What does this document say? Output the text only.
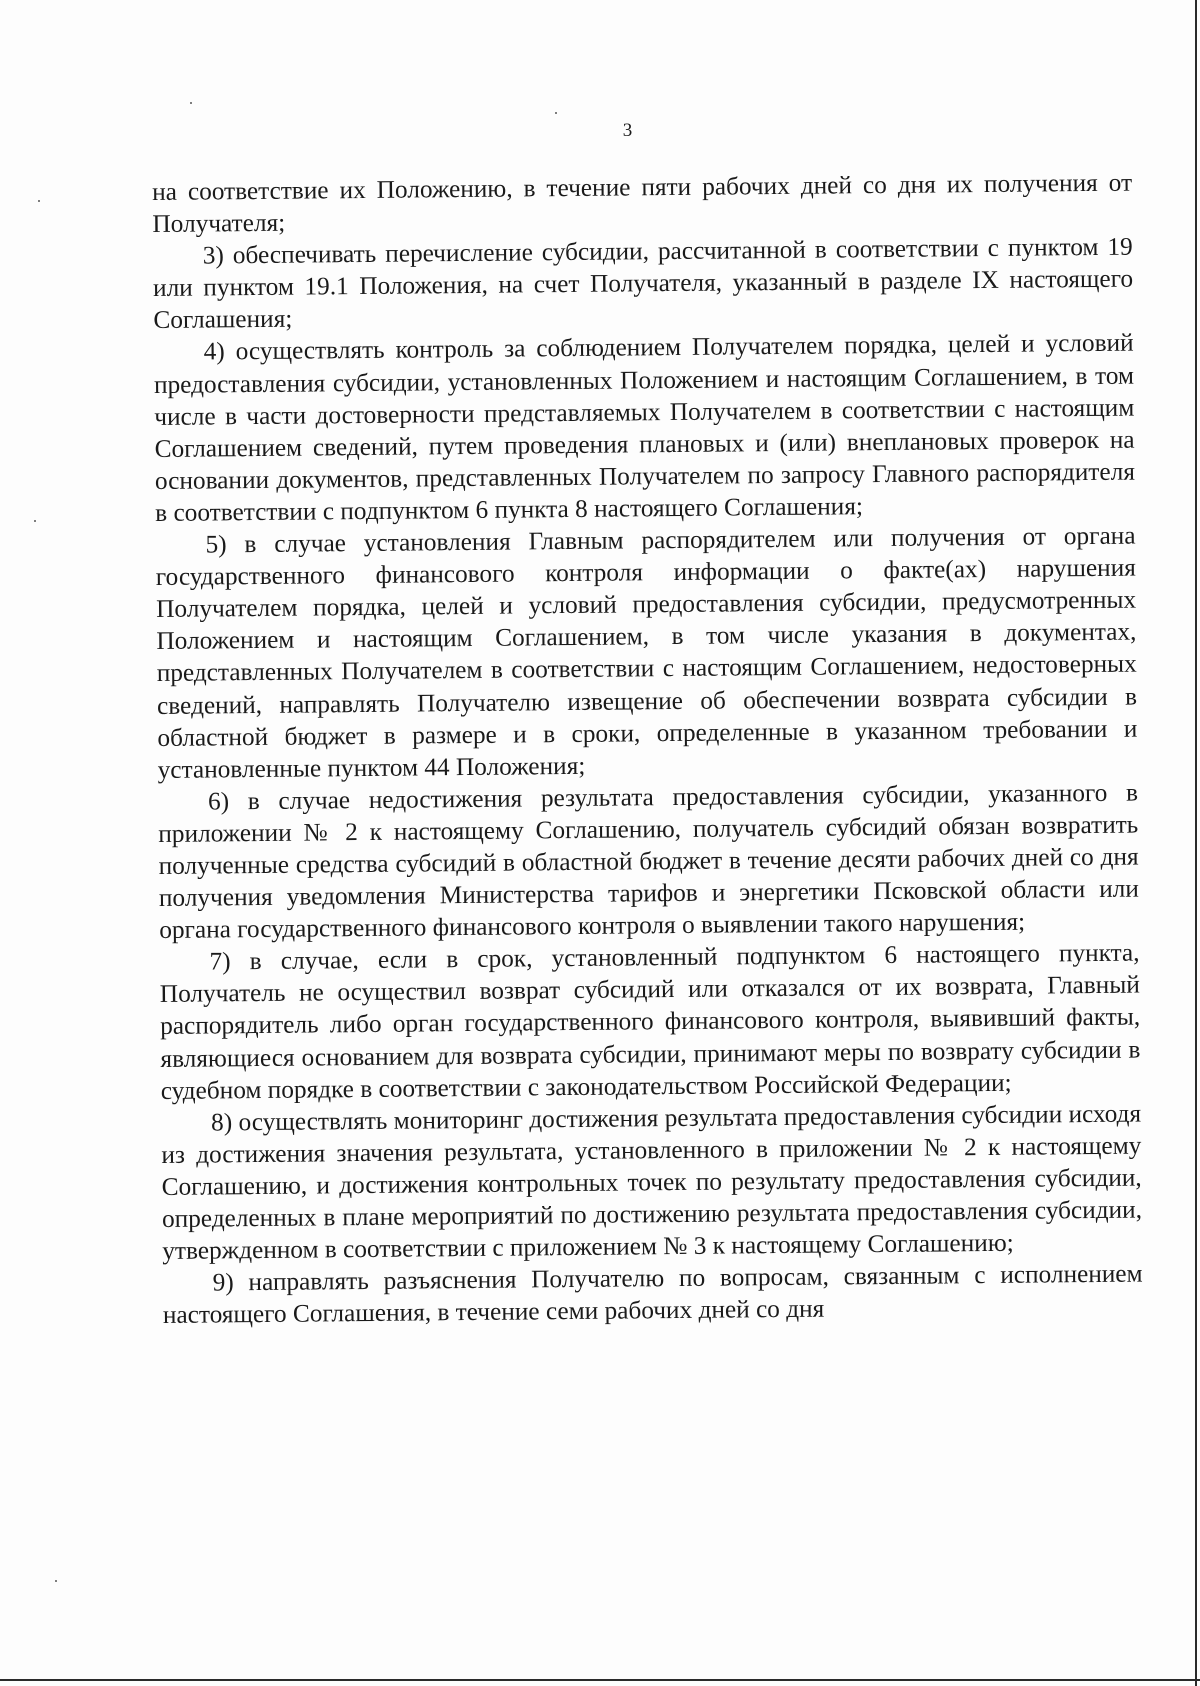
3

на соответствие их Положению, в течение пяти рабочих дней со дня их получения от Получателя;

3) обеспечивать перечисление субсидии, рассчитанной в соответствии с пунктом 19 или пунктом 19.1 Положения, на счет Получателя, указанный в разделе IX настоящего Соглашения;

4) осуществлять контроль за соблюдением Получателем порядка, целей и условий предоставления субсидии, установленных Положением и настоящим Соглашением, в том числе в части достоверности представляемых Получателем в соответствии с настоящим Соглашением сведений, путем проведения плановых и (или) внеплановых проверок на основании документов, представленных Получателем по запросу Главного распорядителя в соответствии с подпунктом 6 пункта 8 настоящего Соглашения;

5) в случае установления Главным распорядителем или получения от органа государственного финансового контроля информации о факте(ах) нарушения Получателем порядка, целей и условий предоставления субсидии, предусмотренных Положением и настоящим Соглашением, в том числе указания в документах, представленных Получателем в соответствии с настоящим Соглашением, недостоверных сведений, направлять Получателю извещение об обеспечении возврата субсидии в областной бюджет в размере и в сроки, определенные в указанном требовании и установленные пунктом 44 Положения;

6) в случае недостижения результата предоставления субсидии, указанного в приложении № 2 к настоящему Соглашению, получатель субсидий обязан возвратить полученные средства субсидий в областной бюджет в течение десяти рабочих дней со дня получения уведомления Министерства тарифов и энергетики Псковской области или органа государственного финансового контроля о выявлении такого нарушения;

7) в случае, если в срок, установленный подпунктом 6 настоящего пункта, Получатель не осуществил возврат субсидий или отказался от их возврата, Главный распорядитель либо орган государственного финансового контроля, выявивший факты, являющиеся основанием для возврата субсидии, принимают меры по возврату субсидии в судебном порядке в соответствии с законодательством Российской Федерации;

8) осуществлять мониторинг достижения результата предоставления субсидии исходя из достижения значения результата, установленного в приложении № 2 к настоящему Соглашению, и достижения контрольных точек по результату предоставления субсидии, определенных в плане мероприятий по достижению результата предоставления субсидии, утвержденном в соответствии с приложением № 3 к настоящему Соглашению;

9) направлять разъяснения Получателю по вопросам, связанным с исполнением настоящего Соглашения, в течение семи рабочих дней со дня
